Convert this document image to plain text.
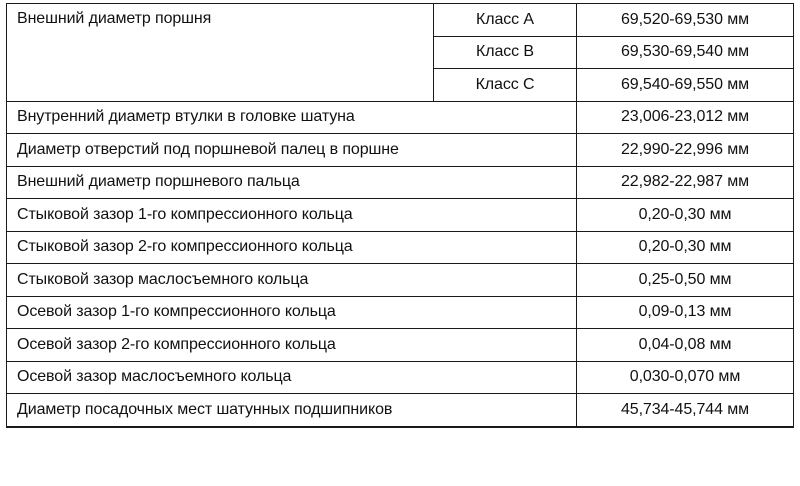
Внешний диаметр поршня	Класс А	69,520-69,530 мм
	Класс В	69,530-69,540 мм
	Класс С	69,540-69,550 мм
Внутренний диаметр втулки в головке шатуна		23,006-23,012 мм
Диаметр отверстий под поршневой палец в поршне		22,990-22,996 мм
Внешний диаметр поршневого пальца		22,982-22,987 мм
Стыковой зазор 1-го компрессионного кольца		0,20-0,30 мм
Стыковой зазор 2-го компрессионного кольца		0,20-0,30 мм
Стыковой зазор маслосъемного кольца		0,25-0,50 мм
Осевой зазор 1-го компрессионного кольца		0,09-0,13 мм
Осевой зазор 2-го компрессионного кольца		0,04-0,08 мм
Осевой зазор маслосъемного кольца		0,030-0,070 мм
Диаметр посадочных мест шатунных подшипников		45,734-45,744 мм
